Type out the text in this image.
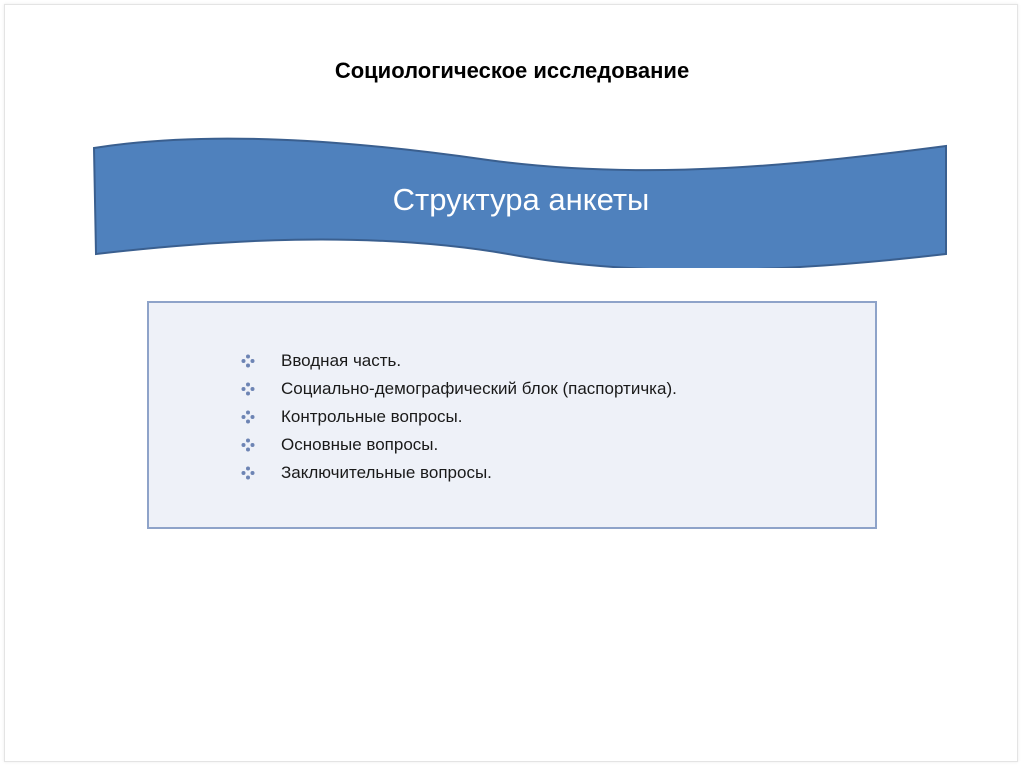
Социологическое исследование
Структура анкеты
Вводная часть.
Социально-демографический блок (паспортичка).
Контрольные вопросы.
Основные вопросы.
Заключительные вопросы.
